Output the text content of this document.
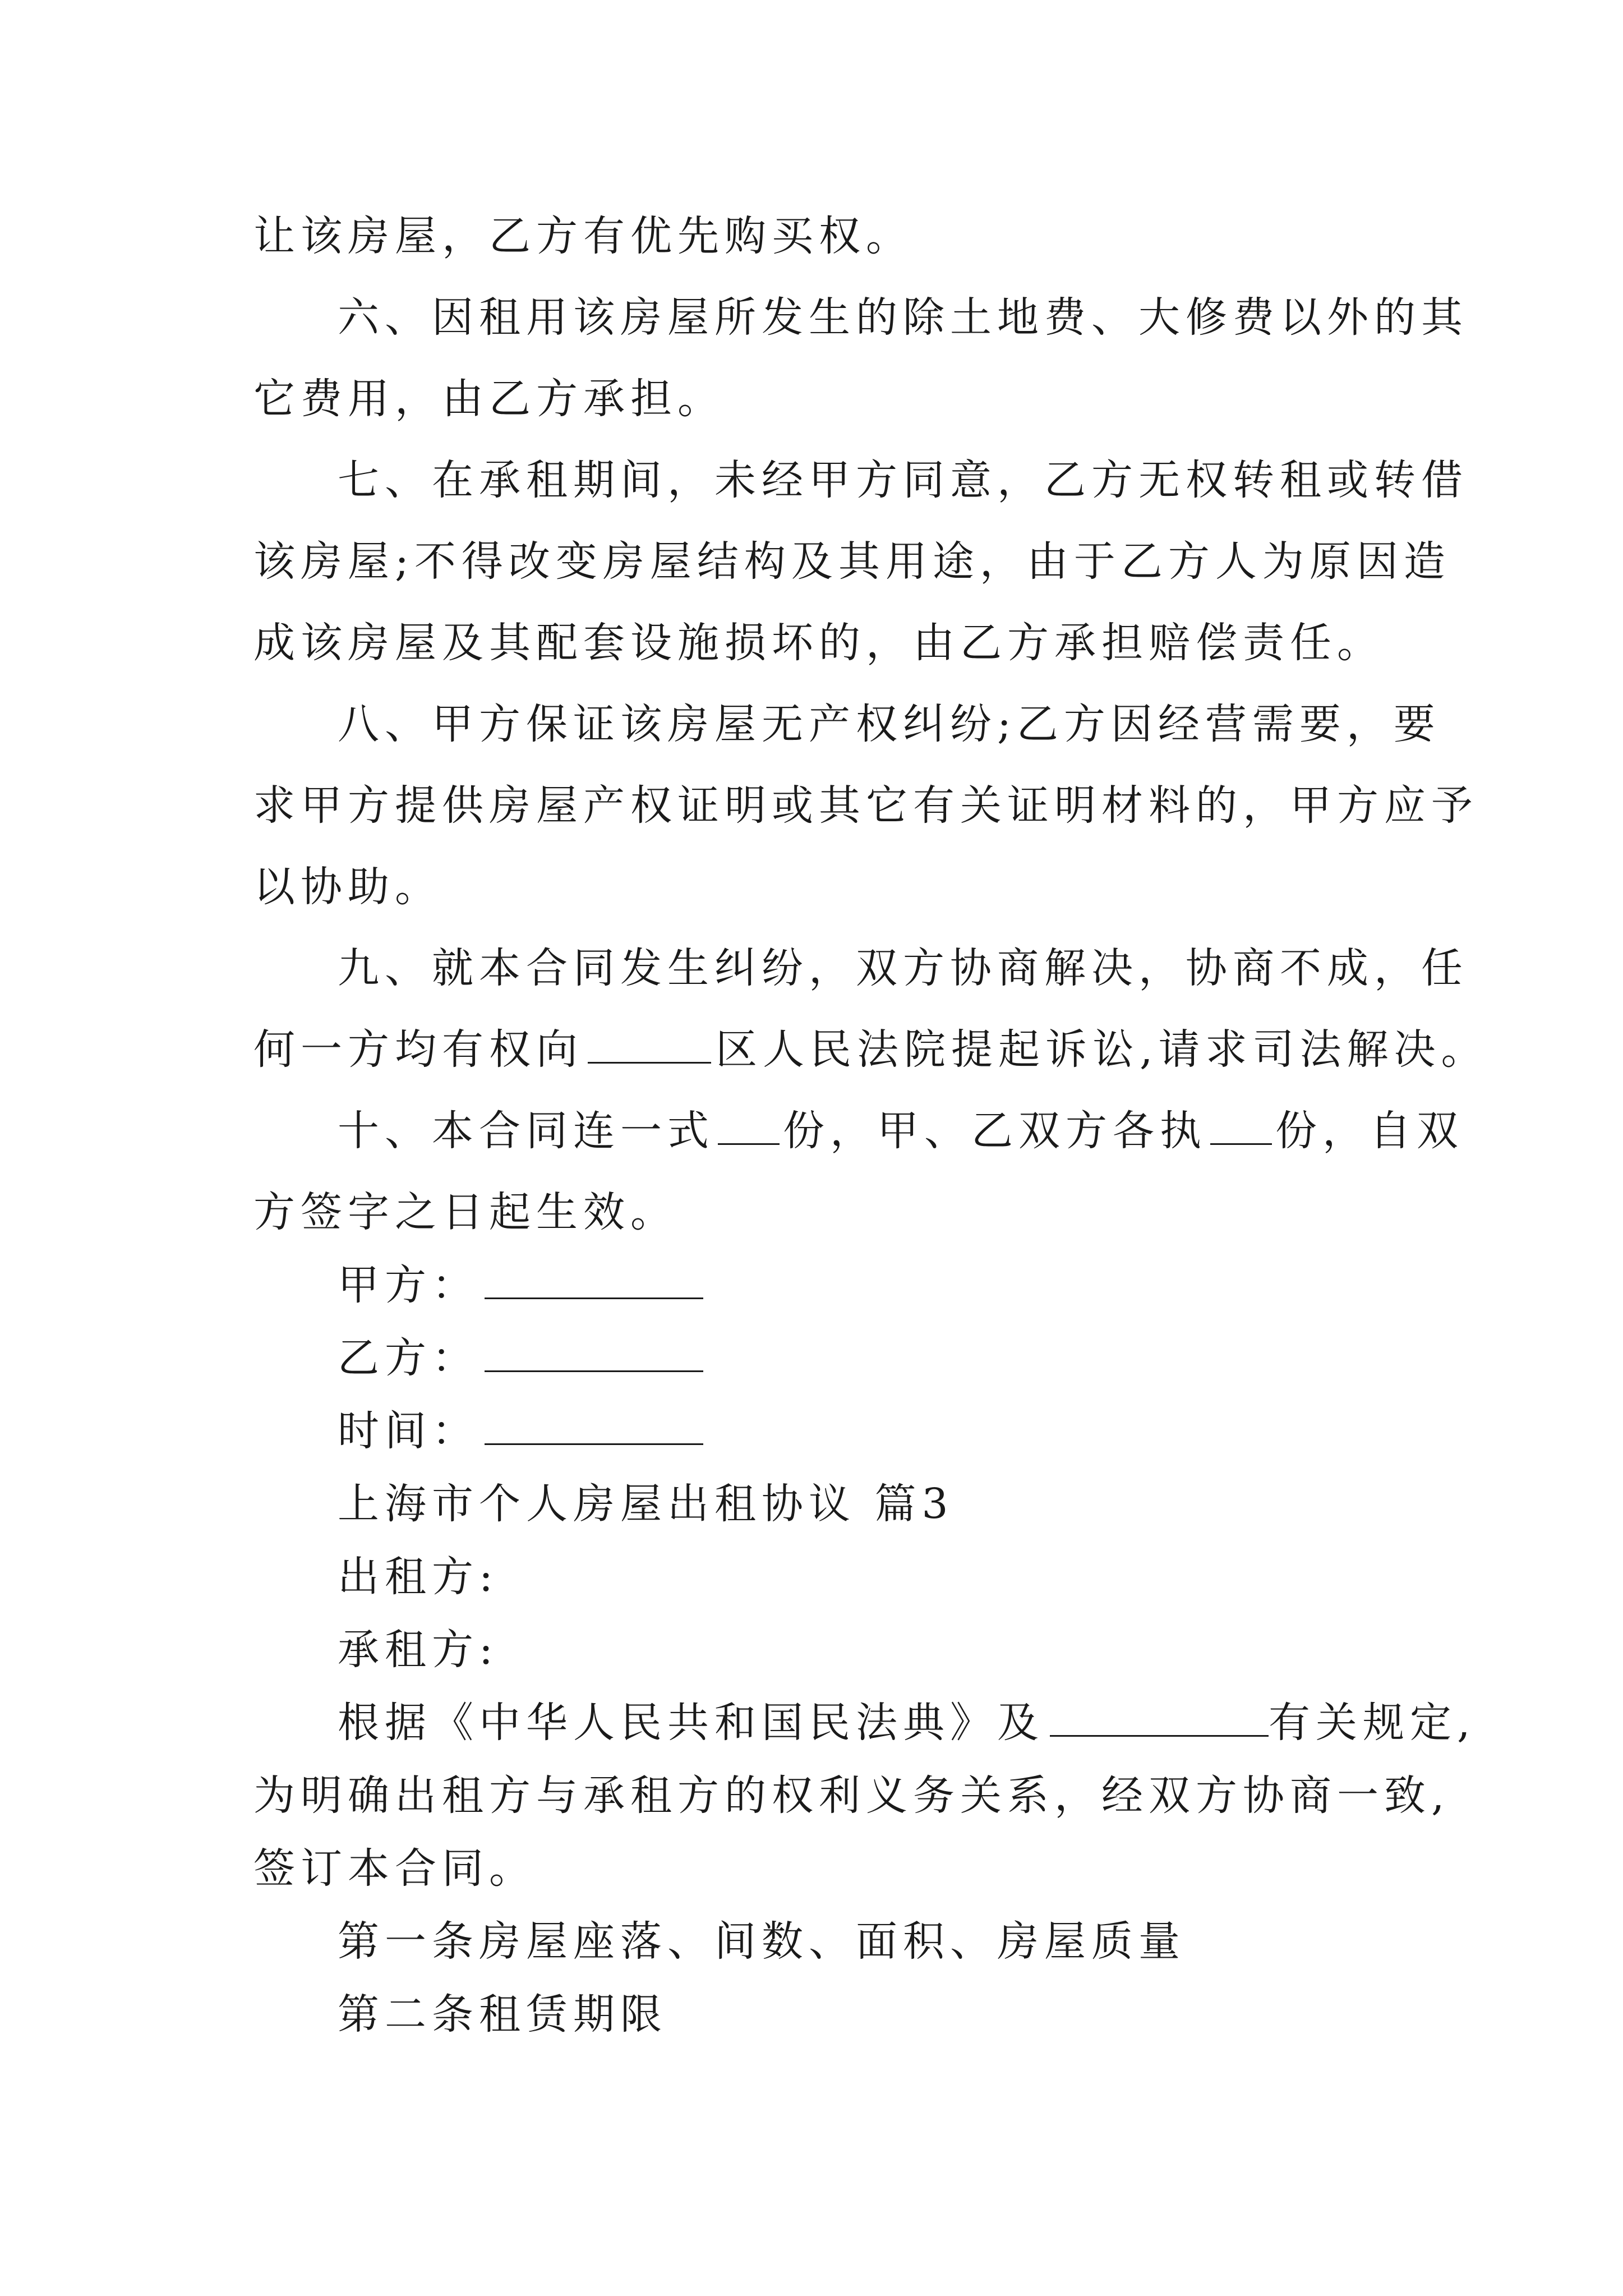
让该房屋，乙方有优先购买权。
六、因租用该房屋所发生的除土地费、大修费以外的其
它费用，由乙方承担。
七、在承租期间，未经甲方同意，乙方无权转租或转借
该房屋;不得改变房屋结构及其用途，由于乙方人为原因造
成该房屋及其配套设施损坏的，由乙方承担赔偿责任。
八、甲方保证该房屋无产权纠纷;乙方因经营需要，要
求甲方提供房屋产权证明或其它有关证明材料的，甲方应予
以协助。
九、就本合同发生纠纷，双方协商解决，协商不成，任
何一方均有权向	区人民法院提起诉讼,请求司法解决。
十、本合同连一式 份，甲、乙双方各执 份，自双
方签字之日起生效。
甲方：
乙方：
时间：
上海市个人房屋出租协议 篇3
出租方:
承租方:
根据《中华人民共和国民法典》及	有关规定,
为明确出租方与承租方的权利义务关系，经双方协商一致,
签订本合同。
第一条房屋座落、间数、面积、房屋质量
第二条租赁期限
